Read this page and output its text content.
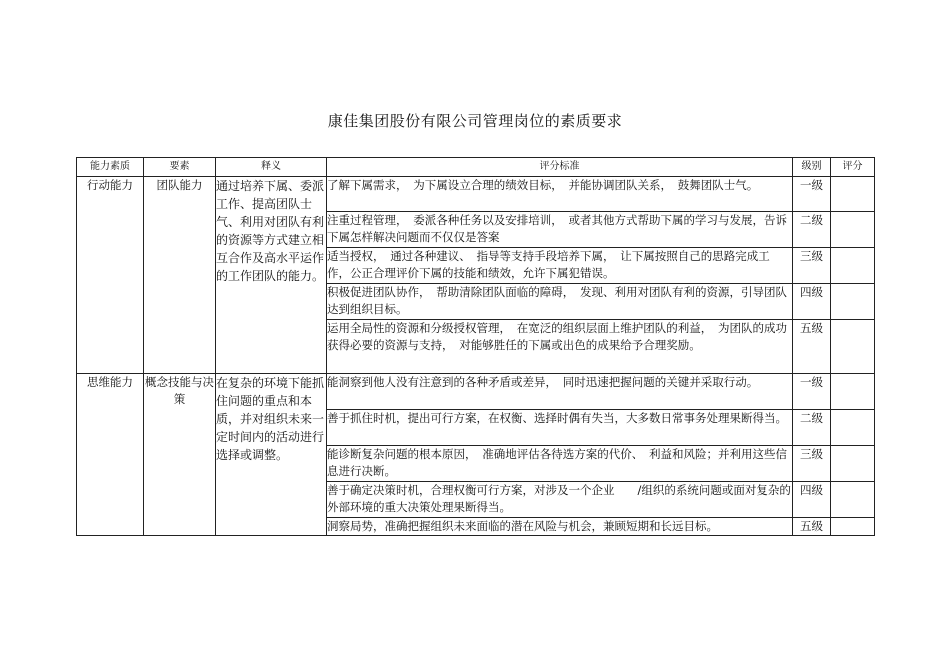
康佳集团股份有限公司管理岗位的素质要求
能力素质	要素	释义	评分标准	级别	评分
行动能力	团队能力	通过培养下属、委派工作、提高团队士气、利用对团队有利的资源等方式建立相互合作及高水平运作的工作团队的能力。	了解下属需求，　为下属设立合理的绩效目标，　并能协调团队关系，　鼓舞团队士气。	一级	
			注重过程管理，　委派各种任务以及安排培训，　或者其他方式帮助下属的学习与发展，告诉下属怎样解决问题而不仅仅是答案	二级	
			适当授权，　通过各种建议、　指导等支持手段培养下属，　让下属按照自己的思路完成工作，公正合理评价下属的技能和绩效，允许下属犯错误。	三级	
			积极促进团队协作，　帮助清除团队面临的障碍，　发现、利用对团队有利的资源，引导团队达到组织目标。	四级	
			运用全局性的资源和分级授权管理，　在宽泛的组织层面上维护团队的利益，　为团队的成功获得必要的资源与支持，　对能够胜任的下属或出色的成果给予合理奖励。	五级	
思维能力	概念技能与决策	在复杂的环境下能抓住问题的重点和本质，并对组织未来一定时间内的活动进行选择或调整。	能洞察到他人没有注意到的各种矛盾或差异，　同时迅速把握问题的关键并采取行动。	一级	
			善于抓住时机，提出可行方案，在权衡、选择时偶有失当，大多数日常事务处理果断得当。	二级	
			能诊断复杂问题的根本原因，　准确地评估各待选方案的代价、　利益和风险；并利用这些信息进行决断。	三级	
			善于确定决策时机，合理权衡可行方案，对涉及一个企业　　/组织的系统问题或面对复杂的外部环境的重大决策处理果断得当。	四级	
			洞察局势，准确把握组织未来面临的潜在风险与机会，兼顾短期和长远目标。	五级	
